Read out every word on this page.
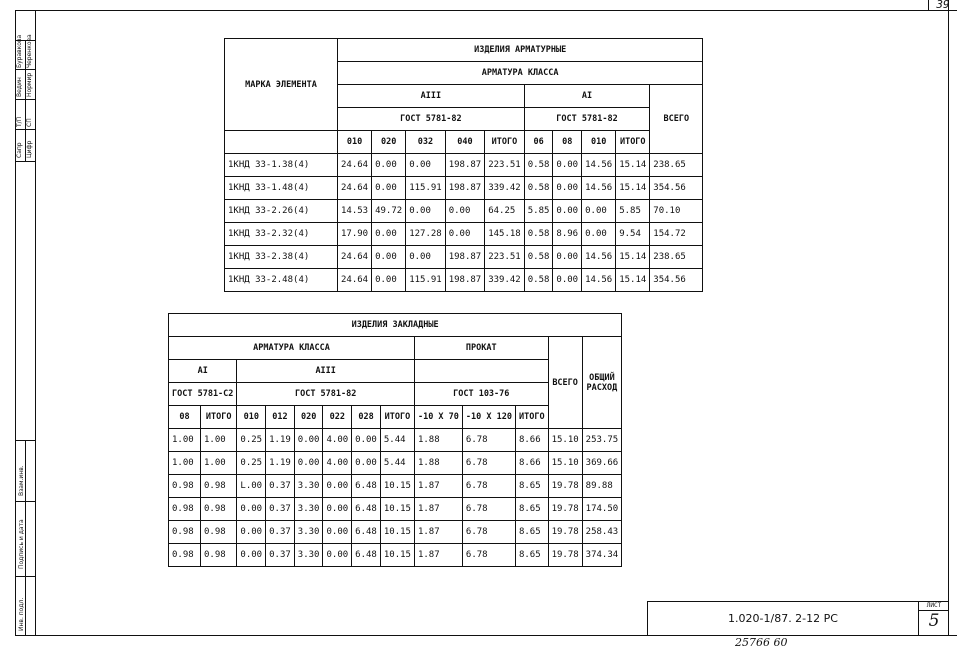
39
Сапр
Т/П
Ведин
Буравкова
Цифр
СП
Нормир
Черенкова
Инв. подл.
Подпись и дата
Взам.инв.
МАРКА ЭЛЕМЕНТА	ИЗДЕЛИЯ АРМАТУРНЫЕ									
	АРМАТУРА КЛАССА									
	AIII					AI				ВСЕГО
	ГОСТ 5781-82					ГОСТ 5781-82				
	010	020	032	040	ИТОГО	06	08	010	ИТОГО	
1КНД 33-1.38(4)	24.64	0.00	0.00	198.87	223.51	0.58	0.00	14.56	15.14	238.65
1КНД 33-1.48(4)	24.64	0.00	115.91	198.87	339.42	0.58	0.00	14.56	15.14	354.56
1КНД 33-2.26(4)	14.53	49.72	0.00	0.00	64.25	5.85	0.00	0.00	5.85	70.10
1КНД 33-2.32(4)	17.90	0.00	127.28	0.00	145.18	0.58	8.96	0.00	9.54	154.72
1КНД 33-2.38(4)	24.64	0.00	0.00	198.87	223.51	0.58	0.00	14.56	15.14	238.65
1КНД 33-2.48(4)	24.64	0.00	115.91	198.87	339.42	0.58	0.00	14.56	15.14	354.56
ИЗДЕЛИЯ ЗАКЛАДНЫЕ												
АРМАТУРА КЛАССА								ПРОКАТ			ВСЕГО	ОБЩИЙ
РАСХОД

AI		AIII										
ГОСТ 5781-С2		ГОСТ 5781-82						ГОСТ 103-76				
08	ИТОГО	010	012	020	022	028	ИТОГО	-10 Х 70	-10 Х 120	ИТОГО		
1.00	1.00	0.25	1.19	0.00	4.00	0.00	5.44	1.88	6.78	8.66	15.10	253.75
1.00	1.00	0.25	1.19	0.00	4.00	0.00	5.44	1.88	6.78	8.66	15.10	369.66
0.98	0.98	L.00	0.37	3.30	0.00	6.48	10.15	1.87	6.78	8.65	19.78	89.88
0.98	0.98	0.00	0.37	3.30	0.00	6.48	10.15	1.87	6.78	8.65	19.78	174.50
0.98	0.98	0.00	0.37	3.30	0.00	6.48	10.15	1.87	6.78	8.65	19.78	258.43
0.98	0.98	0.00	0.37	3.30	0.00	6.48	10.15	1.87	6.78	8.65	19.78	374.34
1.020-1/87. 2-12 РС
ЛИСТ
5
25766 60
